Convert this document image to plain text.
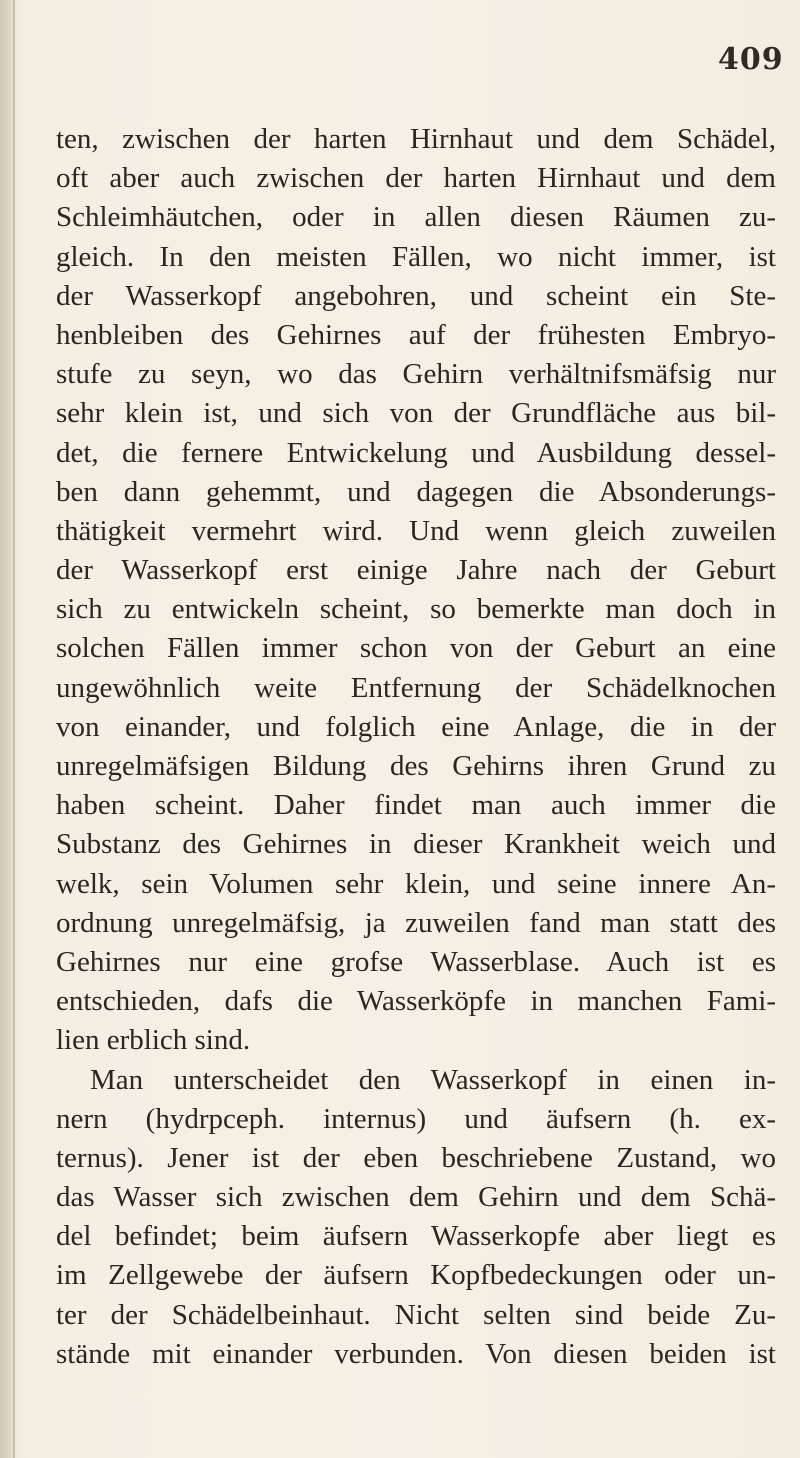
409
ten, zwischen der harten Hirnhaut und dem Schädel,
oft aber auch zwischen der harten Hirnhaut und dem
Schleimhäutchen, oder in allen diesen Räumen zu-
gleich. In den meisten Fällen, wo nicht immer, ist
der Wasserkopf angebohren, und scheint ein Ste-
henbleiben des Gehirnes auf der frühesten Embryo-
stufe zu seyn, wo das Gehirn verhältnifsmäfsig nur
sehr klein ist, und sich von der Grundfläche aus bil-
det, die fernere Entwickelung und Ausbildung dessel-
ben dann gehemmt, und dagegen die Absonderungs-
thätigkeit vermehrt wird. Und wenn gleich zuweilen
der Wasserkopf erst einige Jahre nach der Geburt
sich zu entwickeln scheint, so bemerkte man doch in
solchen Fällen immer schon von der Geburt an eine
ungewöhnlich weite Entfernung der Schädelknochen
von einander, und folglich eine Anlage, die in der
unregelmäfsigen Bildung des Gehirns ihren Grund zu
haben scheint. Daher findet man auch immer die
Substanz des Gehirnes in dieser Krankheit weich und
welk, sein Volumen sehr klein, und seine innere An-
ordnung unregelmäfsig, ja zuweilen fand man statt des
Gehirnes nur eine grofse Wasserblase. Auch ist es
entschieden, dafs die Wasserköpfe in manchen Fami-
lien erblich sind.
Man unterscheidet den Wasserkopf in einen in-
nern (hydrpceph. internus) und äufsern (h. ex-
ternus). Jener ist der eben beschriebene Zustand, wo
das Wasser sich zwischen dem Gehirn und dem Schä-
del befindet; beim äufsern Wasserkopfe aber liegt es
im Zellgewebe der äufsern Kopfbedeckungen oder un-
ter der Schädelbeinhaut. Nicht selten sind beide Zu-
stände mit einander verbunden. Von diesen beiden ist
